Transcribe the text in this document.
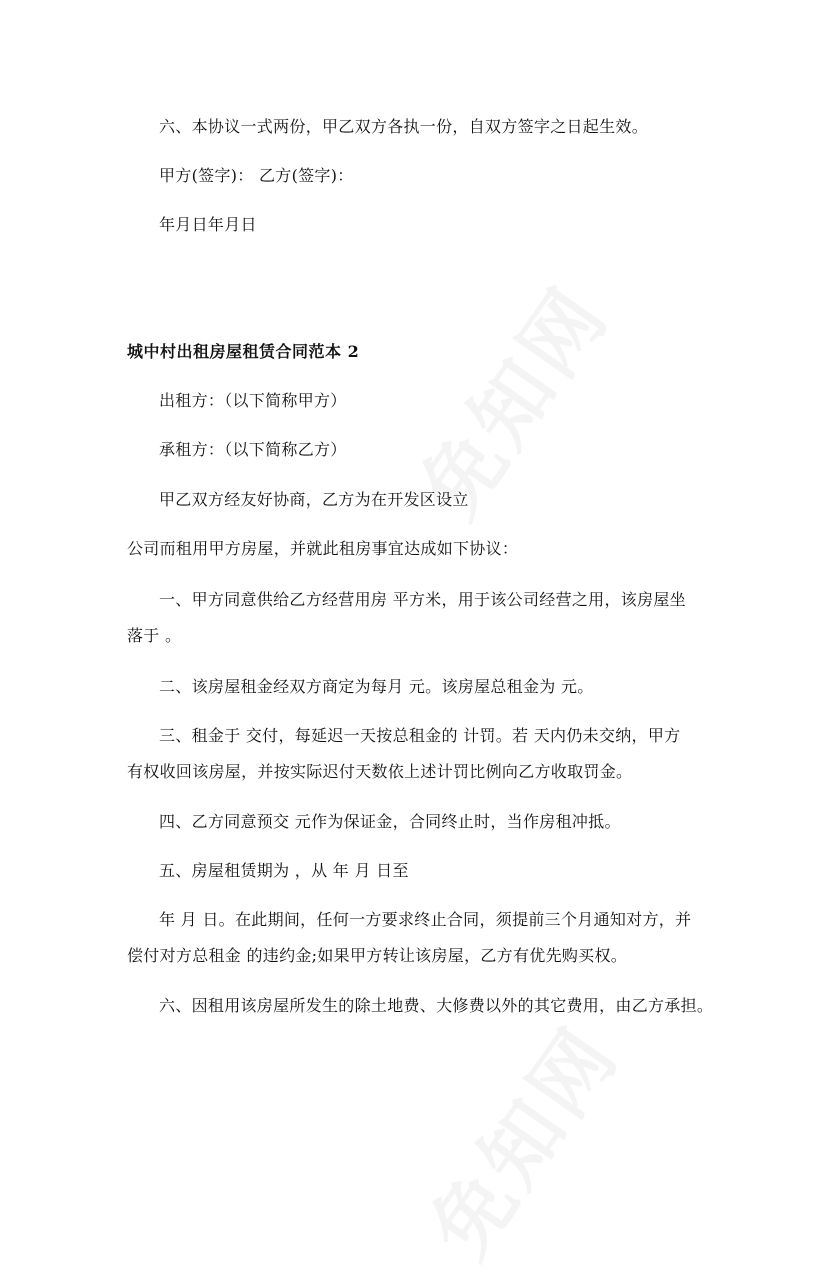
六、本协议一式两份，甲乙双方各执一份，自双方签字之日起生效。
甲方(签字)： 乙方(签字)：
年月日年月日
城中村出租房屋租赁合同范本 2
出租方：（以下简称甲方）
承租方：（以下简称乙方）
甲乙双方经友好协商，乙方为在开发区设立
公司而租用甲方房屋，并就此租房事宜达成如下协议：
一、甲方同意供给乙方经营用房 平方米，用于该公司经营之用，该房屋坐
落于 。
二、该房屋租金经双方商定为每月 元。该房屋总租金为 元。
三、租金于 交付，每延迟一天按总租金的 计罚。若 天内仍未交纳，甲方
有权收回该房屋，并按实际迟付天数依上述计罚比例向乙方收取罚金。
四、乙方同意预交 元作为保证金，合同终止时，当作房租冲抵。
五、房屋租赁期为 ，从 年 月 日至
年 月 日。在此期间，任何一方要求终止合同，须提前三个月通知对方，并
偿付对方总租金 的违约金;如果甲方转让该房屋，乙方有优先购买权。
六、因租用该房屋所发生的除土地费、大修费以外的其它费用，由乙方承担。
